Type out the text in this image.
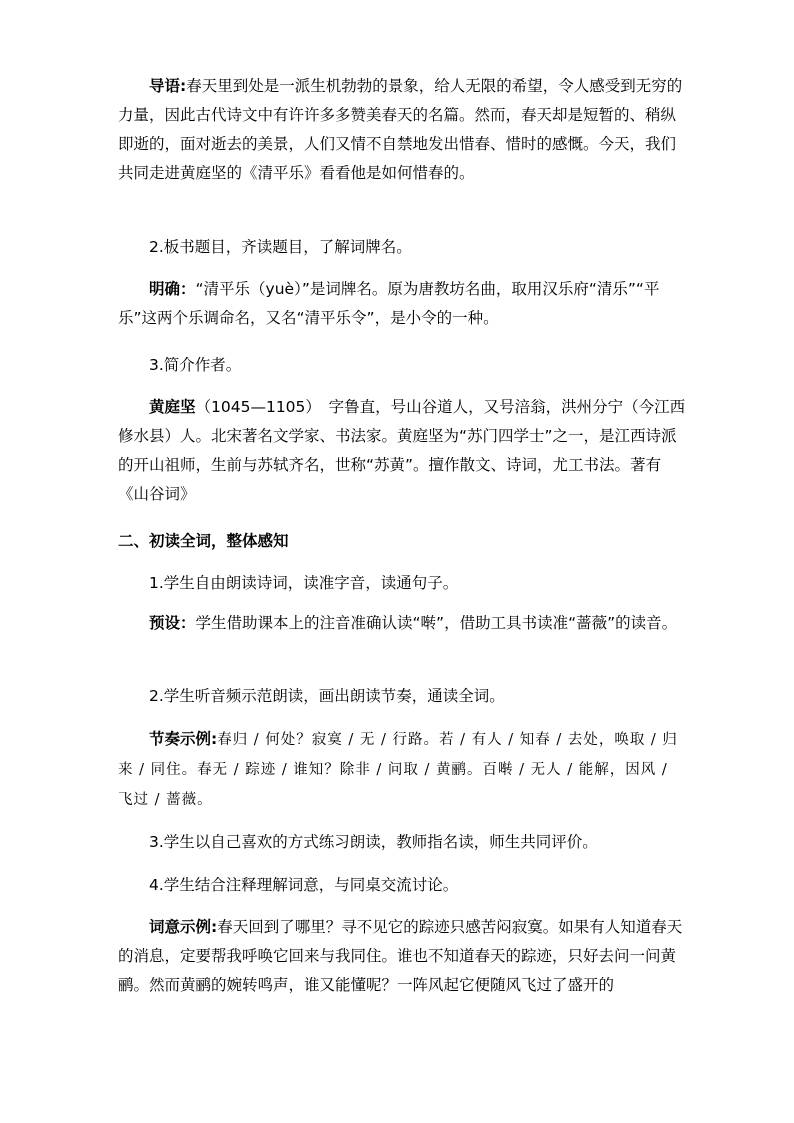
导语:春天里到处是一派生机勃勃的景象，给人无限的希望，令人感受到无穷的力量，因此古代诗文中有许许多多赞美春天的名篇。然而，春天却是短暂的、稍纵即逝的，面对逝去的美景，人们又情不自禁地发出惜春、惜时的感慨。今天，我们共同走进黄庭坚的《清平乐》看看他是如何惜春的。

2.板书题目，齐读题目，了解词牌名。

明确：“清平乐（yuè）”是词牌名。原为唐教坊名曲，取用汉乐府“清乐”“平乐”这两个乐调命名，又名“清平乐令”，是小令的一种。

3.简介作者。

黄庭坚（1045—1105）　字鲁直，号山谷道人，又号涪翁，洪州分宁（今江西修水县）人。北宋著名文学家、书法家。黄庭坚为“苏门四学士”之一，是江西诗派的开山祖师，生前与苏轼齐名，世称“苏黄”。擅作散文、诗词，尤工书法。著有《山谷词》

二、初读全词，整体感知

1.学生自由朗读诗词，读准字音，读通句子。

预设：学生借助课本上的注音准确认读“啭”，借助工具书读准“蔷薇”的读音。

2.学生听音频示范朗读，画出朗读节奏，通读全词。

节奏示例:春归 / 何处？寂寞 / 无 / 行路。若 / 有人 / 知春 / 去处，唤取 / 归来 / 同住。春无 / 踪迹 / 谁知？除非 / 问取 / 黄鹂。百啭 / 无人 / 能解，因风 / 飞过 / 蔷薇。

3.学生以自己喜欢的方式练习朗读，教师指名读，师生共同评价。

4.学生结合注释理解词意，与同桌交流讨论。

词意示例:春天回到了哪里？寻不见它的踪迹只感苦闷寂寞。如果有人知道春天的消息，定要帮我呼唤它回来与我同住。谁也不知道春天的踪迹，只好去问一问黄鹂。然而黄鹂的婉转鸣声，谁又能懂呢？一阵风起它便随风飞过了盛开的
